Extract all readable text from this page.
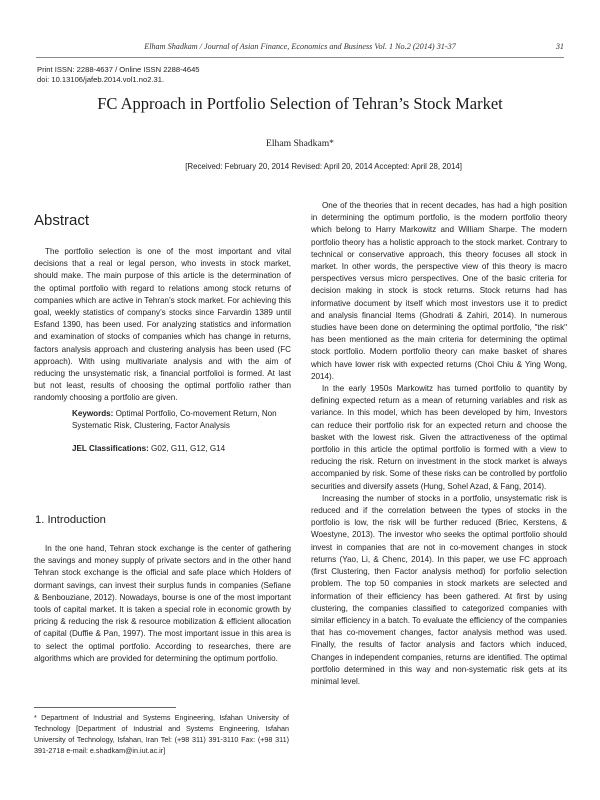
Elham Shadkam / Journal of Asian Finance, Economics and Business Vol. 1 No.2 (2014) 31-37	31
Print ISSN: 2288-4637 / Online ISSN 2288-4645
doi: 10.13106/jafeb.2014.vol1.no2.31.
FC Approach in Portfolio Selection of Tehran’s Stock Market
Elham Shadkam*
[Received: February 20, 2014 Revised: April 20, 2014 Accepted: April 28, 2014]
Abstract

The portfolio selection is one of the most important and vital decisions that a real or legal person, who invests in stock market, should make. The main purpose of this article is the determination of the optimal portfolio with regard to relations among stock returns of companies which are active in Tehran’s stock market. For achieving this goal, weekly statistics of company’s stocks since Farvardin 1389 until Esfand 1390, has been used. For analyzing statistics and information and examination of stocks of companies which has change in returns, factors analysis approach and clustering analysis has been used (FC approach). With using multivariate analysis and with the aim of reducing the unsystematic risk, a financial portfolioi is formed. At last but not least, results of choosing the optimal portfolio rather than randomly choosing a portfolio are given.

Keywords: Optimal Portfolio, Co-movement Return, Non Systematic Risk, Clustering, Factor Analysis
JEL Classifications: G02, G11, G12, G14
1. Introduction

In the one hand, Tehran stock exchange is the center of gathering the savings and money supply of private sectors and in the other hand Tehran stock exchange is the official and safe place which Holders of dormant savings, can invest their surplus funds in companies (Sefiane & Benbouziane, 2012). Nowadays, bourse is one of the most important tools of capital market. It is taken a special role in economic growth by pricing & reducing the risk & resource mobilization & efficient allocation of capital (Duffie & Pan, 1997). The most important issue in this area is to select the optimal portfolio. According to researches, there are algorithms which are provided for determining the optimum portfolio.

* Department of Industrial and Systems Engineering, Isfahan University of Technology [Department of Industrial and Systems Engineering, Isfahan University of Technology, Isfahan, Iran Tel: (+98 311) 391-3110 Fax: (+98 311) 391-2718 e-mail: e.shadkam@in.iut.ac.ir]

One of the theories that in recent decades, has had a high position in determining the optimum portfolio, is the modern portfolio theory which belong to Harry Markowitz and William Sharpe. The modern portfolio theory has a holistic approach to the stock market. Contrary to technical or conservative approach, this theory focuses all stock in market. In other words, the perspective view of this theory is macro perspectives versus micro perspectives. One of the basic criteria for decision making in stock is stock returns. Stock returns had has informative document by itself which most investors use it to predict and analysis financial Items (Ghodrati & Zahiri, 2014). In numerous studies have been done on determining the optimal portfolio, "the risk" has been mentioned as the main criteria for determining the optimal stock portfolio. Modern portfolio theory can make basket of shares which have lower risk with expected returns (Choi Chiu & Ying Wong, 2014).

In the early 1950s Markowitz has turned portfolio to quantity by defining expected return as a mean of returning variables and risk as variance. In this model, which has been developed by him, Investors can reduce their portfolio risk for an expected return and choose the basket with the lowest risk. Given the attractiveness of the optimal portfolio in this article the optimal portfolio is formed with a view to reducing the risk. Return on investment in the stock market is always accompanied by risk. Some of these risks can be controlled by portfolio securities and diversify assets (Hung, Sohel Azad, & Fang, 2014).

Increasing the number of stocks in a portfolio, unsystematic risk is reduced and if the correlation between the types of stocks in the portfolio is low, the risk will be further reduced (Briec, Kerstens, & Woestyne, 2013). The investor who seeks the optimal portfolio should invest in companies that are not in co-movement changes in stock returns (Yao, Li, & Chenc, 2014). In this paper, we use FC approach (first Clustering, then Factor analysis method) for porfolio selection problem. The top 50 companies in stock markets are selected and information of their efficiency has been gathered. At first by using clustering, the companies classified to categorized companies with similar efficiency in a batch. To evaluate the efficiency of the companies that has co-movement changes, factor analysis method was used. Finally, the results of factor analysis and factors which induced, Changes in independent companies, returns are identified. The optimal portfolio determined in this way and non-systematic risk gets at its minimal level.
